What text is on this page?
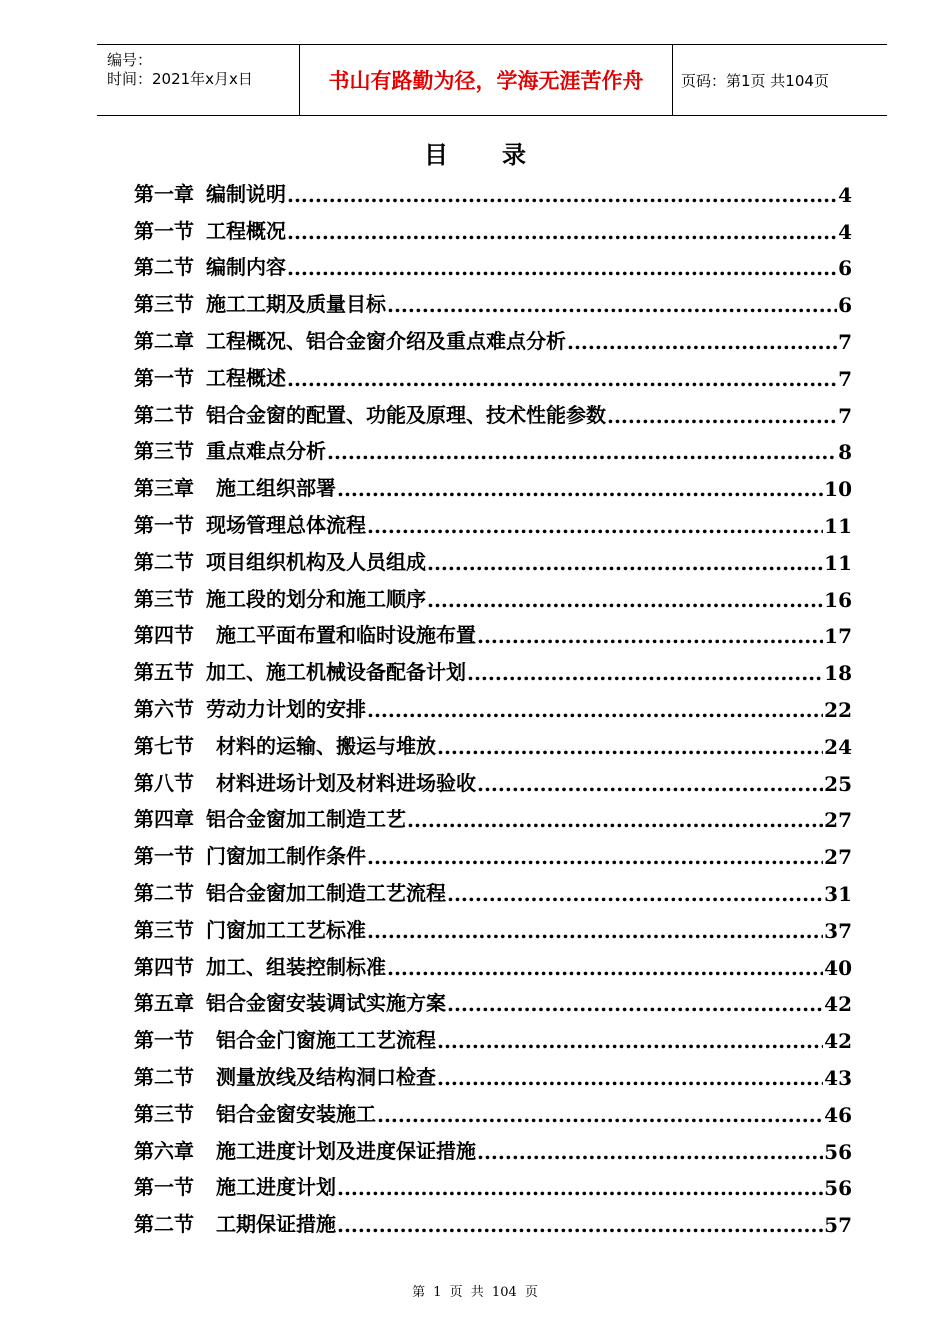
编号：
时间：2021年x月x日	书山有路勤为径，学海无涯苦作舟	页码：第1页 共104页
目录
第一章 编制说明 .....	4
第一节 工程概况 .....	4
第二节 编制内容 .....	6
第三节 施工工期及质量目标 .....	6
第二章 工程概况、铝合金窗介绍及重点难点分析 .....	7
第一节 工程概述 .....	7
第二节 铝合金窗的配置、功能及原理、技术性能参数 .....	7
第三节 重点难点分析 .....	8
第三章 施工组织部署 .....	10
第一节 现场管理总体流程 .....	11
第二节 项目组织机构及人员组成 .....	11
第三节 施工段的划分和施工顺序 .....	16
第四节 施工平面布置和临时设施布置 .....	17
第五节 加工、施工机械设备配备计划 .....	18
第六节 劳动力计划的安排 .....	22
第七节 材料的运输、搬运与堆放 .....	24
第八节 材料进场计划及材料进场验收 .....	25
第四章 铝合金窗加工制造工艺 .....	27
第一节 门窗加工制作条件 .....	27
第二节 铝合金窗加工制造工艺流程 .....	31
第三节 门窗加工工艺标准 .....	37
第四节 加工、组装控制标准 .....	40
第五章 铝合金窗安装调试实施方案 .....	42
第一节 铝合金门窗施工工艺流程 .....	42
第二节 测量放线及结构洞口检查 .....	43
第三节 铝合金窗安装施工 .....	46
第六章 施工进度计划及进度保证措施 .....	56
第一节 施工进度计划 .....	56
第二节 工期保证措施 .....	57
第 1 页 共 104 页
